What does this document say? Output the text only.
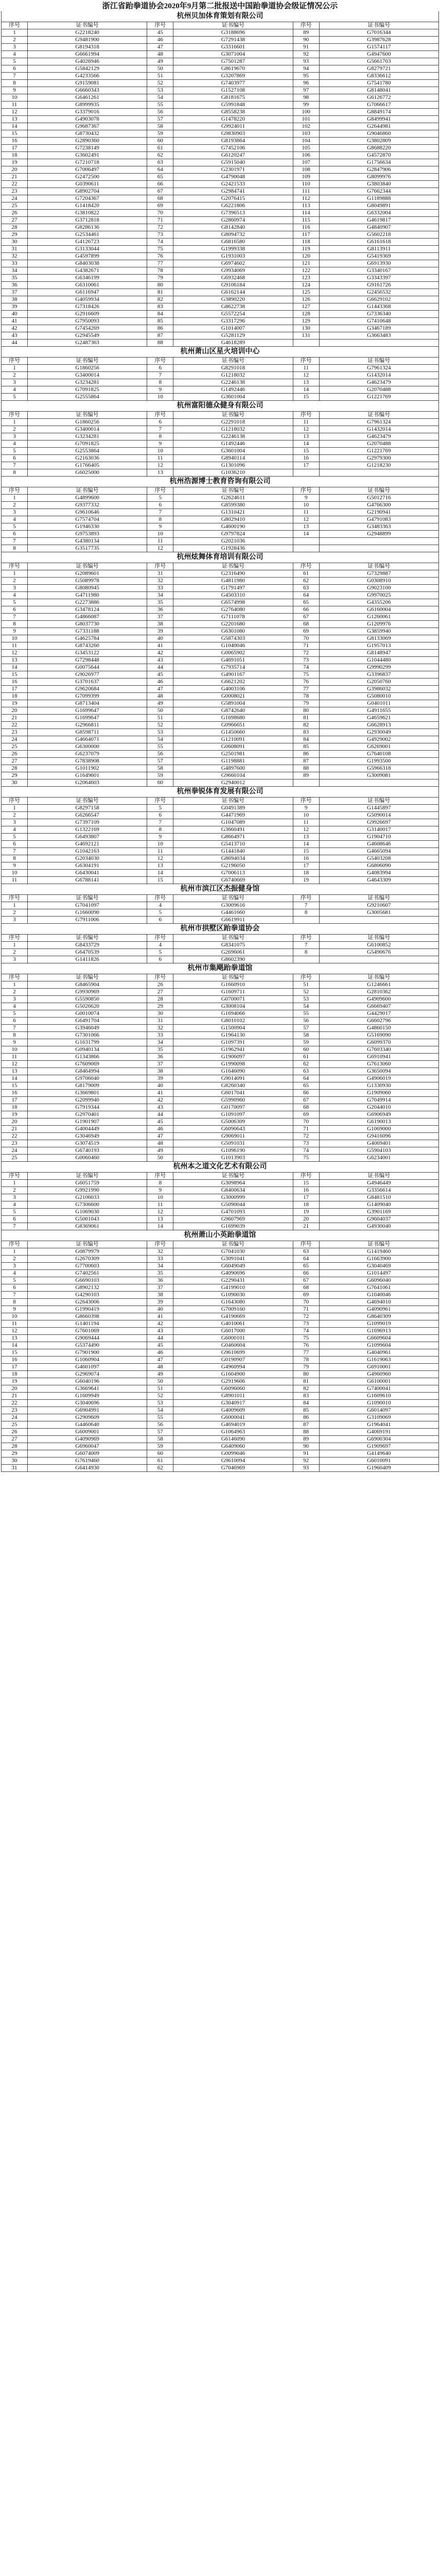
浙江省跆拳道协会2020年9月第二批报送中国跆拳道协会级证情况公示
杭州贝加体育策划有限公司
序号	证书编号	序号	证书编号	序号	证书编号
1	G2218240	45	G3188696	89	G7016344
2	G9481900	46	G7291438	90	G3987628
3	G8194318	47	G3316601	91	G1574117
4	G6661994	48	G3071004	92	G4947600
5	G4026946	49	G7501287	93	G5661703
6	G5842129	50	G8619670	94	G8279721
7	G4233566	51	G3207869	95	G8336612
8	G9159081	52	G7403977	96	G7541780
9	G6660343	53	G1527108	97	G8148041
10	G6461261	54	G8181675	98	G6126772
11	G8999935	55	G5991848	99	G7066617
12	G3379016	56	G8558238	100	G8849174
13	G4903078	57	G1478220	101	G8499941
14	G9687367	58	G9924011	102	G2644981
15	G8730432	59	G9830903	103	G9046860
16	G2890360	60	G8193864	104	G3802809
17	G7238149	61	G7452106	105	G8688220
18	G3602491	62	G6120247	106	G4572870
19	G7210718	63	G5915040	107	G1756634
20	G7006497	64	G2301971	108	G2847906
21	G2472500	65	G4790048	109	G8099976
22	G0390611	66	G2421533	110	G3803840
23	G8902704	67	G2984741	111	G7662344
24	G7204367	68	G2076415	112	G1189888
25	G1418420	69	G6221806	113	G8049891
26	G3810822	70	G7396513	114	G6332004
27	G3712818	71	G2860974	115	G4619817
28	G8286136	72	G8142840	116	G4840907
29	G2534461	73	G8094732	117	G5602218
30	G4126723	74	G6816580	118	G6161618
31	G3133044	75	G1999338	119	G8113911
32	G4597899	76	G1931003	120	G5419369
33	G8403038	77	G6974602	121	G6913930
34	G4382671	78	G9934069	122	G3340167
35	G6346199	79	G6932468	123	G3343397
36	G6310061	80	G9106184	124	G9161726
37	G6116947	81	G6162144	125	G2456532
38	G4059934	82	G3890220	126	G6629102
39	G7318426	83	G8622738	127	G1443368
40	G2916609	84	G5572254	128	G7336340
41	G7950093	85	G3317296	129	G7410648
42	G7454269	86	G1014007	130	G3467189
43	G2945549	87	G5281129	131	G3663483
44	G2487363	88	G4618289		
杭州萧山区星火培训中心
序号	证书编号	序号	证书编号	序号	证书编号
1	G1860256	6	G8291018	11	G7961324
2	G3400014	7	G1218032	12	G1432014
3	G3234281	8	G2246138	13	G4623479
4	G7091825	9	G1492446	14	G2070488
5	G2555864	10	G3601004	15	G1221769
杭州富阳德众健身有限公司
序号	证书编号	序号	证书编号	序号	证书编号
1	G1860256	6	G2291018	11	G7961324
2	G3400014	7	G1218032	12	G1432014
3	G3234281	8	G2246138	13	G4623479
4	G7091825	9	G1492446	14	G2070488
5	G2553864	10	G3601004	15	G1221769
6	G2163036	11	G8940114	16	G2979300
7	G1766405	12	G1301096	17	G1218230
8	G6025000	13	G1036210		
杭州浩源博士教育咨询有限公司
序号	证书编号	序号	证书编号	序号	证书编号
1	G4899600	5	G2624611	9	G5012716
2	G9377332	6	G8599380	10	G4766300
3	G9610646	7	G1310421	11	G2190941
4	G7574704	8	G8029410	12	G4791083
5	G1946330	9	G4600190	13	G3483363
6	G9753893	10	G9797824	14	G2948899
7	G4380134	11	G2021036		
8	G3517735	12	G1928436		
杭州炫舞体育培训有限公司
序号	证书编号	序号	证书编号	序号	证书编号
1	G2089601	31	G2316490	61	G7329887
2	G5089978	32	G4811980	62	G0308910
3	G8080945	33	G1791497	63	G9023100
4	G4711980	34	G4503310	64	G9970025
5	G2273886	35	G6574998	65	G4355206
6	G3478124	36	G2764080	66	G6160004
7	G4866087	37	G7111078	67	G1260061
8	G8037730	38	G2201680	68	G1209976
9	G7331188	39	G6301080	69	G3859940
10	G4625784	40	G5874303	70	G8133069
11	G8743260	41	G1040046	71	G1957013
12	G3453122	42	G0065902	72	G8148947
13	G7298448	43	G4691051	73	G1044480
14	G0075644	44	G7935714	74	G9990299
15	G9026977	45	G4901167	75	G3396837
16	G3701637	46	G6621202	76	G2050760
17	G9620684	47	G4003106	77	G3986032
18	G7099399	48	G0008021	78	G5080010
19	G8713404	49	G5891004	79	G0401011
20	G1699647	50	G8742640	80	G4911655
21	G1699647	51	G1698680	81	G4659621
22	G2966811	52	G0966651	82	G6628913
23	G8598711	53	G1450660	83	G2930049
24	G4664071	54	G1210091	84	G4929002
25	G6300000	55	G0608091	85	G6269001
26	G6237079	56	G2501981	86	G7640108
27	G7838908	57	G1198881	87	G1993500
28	G1011902	58	G4897600	88	G5966318
29	G1649601	59	G9660104	89	G3009081
30	G2064603	60	G2940012		
杭州拳锐体育发展有限公司
序号	证书编号	序号	证书编号	序号	证书编号
1	G8297158	5	G0491389	9	G1445897
2	G6266547	6	G4471969	10	G5090014
3	G7397109	7	G1047089	11	G9926697
4	G1322169	8	G3660491	12	G3140017
5	G6493807	9	G8664971	13	G1904710
6	G4692121	10	G5413710	14	G4608646
7	G1042163	11	G1441840	15	G4665094
8	G2034030	12	G8694034	16	G5403208
9	G6304191	13	G2196050	17	G6806090
10	G6430041	14	G7006113	18	G4083994
11	G6788141	15	G6740669	19	G4643309
杭州市滨江区杰振健身馆
序号	证书编号	序号	证书编号	序号	证书编号
1	G7041097	4	G3009616	7	G9210607
2	G1660090	5	G4461660	8	G3005681
3	G7911006	6	G6619911		
杭州市拱墅区跆拳道协会
序号	证书编号	序号	证书编号	序号	证书编号
1	G8433729	4	G8341075	7	G6100852
2	G6470539	5	G2696061	8	G5490676
3	G1411826	6	G8602390		
杭州市集飓跆拳道馆
序号	证书编号	序号	证书编号	序号	证书编号
1	G8465904	26	G1660910	51	G1246661
2	G9930969	27	G1609711	52	G2810362
3	G5590850	28	G0700071	53	G4909600
4	G5026620	29	G3008104	54	G6669407
5	G0010074	30	G1694066	55	G4429017
6	G6491704	31	G8010102	56	G6602796
7	G3946049	32	G1500904	57	G4860150
8	G7301066	33	G1964130	58	G5169090
9	G1631799	34	G1097391	59	G6099370
10	G0940134	35	G1962941	60	G7603340
11	G1343866	36	G1906097	61	G6910941
12	G7609069	37	G1990098	62	G7613060
13	G8464994	38	G1646090	63	G3650094
14	G9706040	39	G9014091	64	G4906019
15	G8179009	40	G8260340	65	G1330930
16	G3669801	41	G6017041	66	G1909060
17	G2099940	42	G5990960	67	G7049914
18	G7919344	43	G0170097	68	G2044010
19	G2970401	44	G1091097	69	G6906949
20	G1901907	45	G5006309	70	G6190013
21	G4004449	46	G6090643	71	G1069000
22	G3046949	47	G9069011	72	G9416096
23	G3074519	48	G5091031	73	G4069401
24	G6740193	49	G1096190	74	G5904103
25	G0060460	50	G1013903	75	G6234001
杭州本之道文化艺术有限公司
序号	证书编号	序号	证书编号	序号	证书编号
1	G6051759	8	G3098964	15	G4946449
2	G9921990	9	G8400634	16	G3356614
3	G2106033	10	G3000999	17	G8481510
4	G7306600	11	G5090044	18	G1409040
5	G1069030	12	G4701093	19	G3901169
6	G5001043	13	G9607969	20	G9604037
7	G8369061	14	G1699039	21	G4930040
杭州萧山小英跆拳道馆
序号	证书编号	序号	证书编号	序号	证书编号
1	G0879979	32	G7041030	63	G1419460
2	G2670309	33	G3091041	64	G1663900
3	G7700603	34	G6049049	65	G3040469
4	G7402561	35	G4090696	66	G1014497
5	G6690103	36	G2290431	67	G6096040
6	G8902132	37	G4199010	68	G7641061
7	G4290103	38	G1090030	69	G1040046
8	G2643006	39	G1643080	70	G4694010
9	G1990419	40	G7009160	71	G4090961
10	G8660398	41	G4190669	72	G8640309
11	G1401194	42	G4010061	73	G1099019
12	G7601069	43	G6017000	74	G1696913
13	G9069444	44	G6000101	75	G6609604
14	G5374490	45	G0460604	76	G1099604
15	G7901900	46	G9610699	77	G4040961
16	G1060904	47	G0190907	78	G1619063
17	G4601097	48	G4960994	79	G6910001
18	G2969074	49	G1604900	80	G4960960
19	G6040196	50	G2919606	81	G6100001
20	G3669641	51	G6096060	82	G7400041
21	G1609949	52	G8901011	83	G1609610
22	G3040696	53	G3040917	84	G1090010
23	G6904991	54	G4009609	85	G6014097
24	G2909609	55	G6000041	86	G3109069
25	G4460640	56	G4694019	87	G1964041
26	G6009001	57	G1064963	88	G4069191
27	G4090969	58	G6146090	89	G6900304
28	G6960047	59	G6409060	90	G1909697
29	G6074009	60	G0099046	91	G4149640
30	G7619460	61	G9610094	92	G6010091
31	G6414930	62	G7046969	93	G1960409
